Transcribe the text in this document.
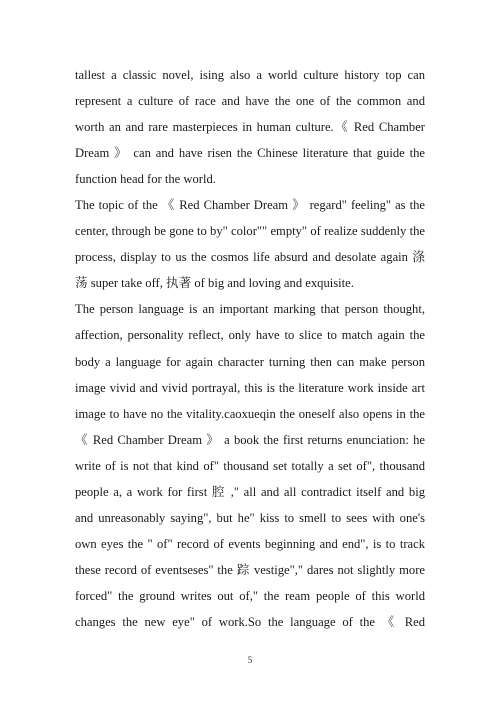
tallest a classic novel, ising also a world culture history top can
represent a culture of race and have the one of the common and
worth an and rare masterpieces in human culture.《 Red Chamber
Dream 》 can and have risen the Chinese literature that guide the
function head for the world.
The topic of the 《 Red Chamber Dream 》 regard" feeling" as the
center, through be gone to by" color"" empty" of realize suddenly the
process, display to us the cosmos life absurd and desolate again 涤
荡 super take off, 执著 of big and loving and exquisite.
The person language is an important marking that person thought,
affection, personality reflect, only have to slice to match again the
body a language for again character turning then can make person
image vivid and vivid portrayal, this is the literature work inside art
image to have no the vitality.caoxueqin the oneself also opens in the
《 Red Chamber Dream 》 a book the first returns enunciation: he
write of is not that kind of" thousand set totally a set of", thousand
people a, a work for first 腔 ," all and all contradict itself and big
and unreasonably saying", but he" kiss to smell to sees with one's
own eyes the " of" record of events beginning and end", is to track
these record of eventseses" the 踪 vestige"," dares not slightly more
forced" the ground writes out of," the ream people of this world
changes the new eye" of work.So the language of the 《 Red
5
